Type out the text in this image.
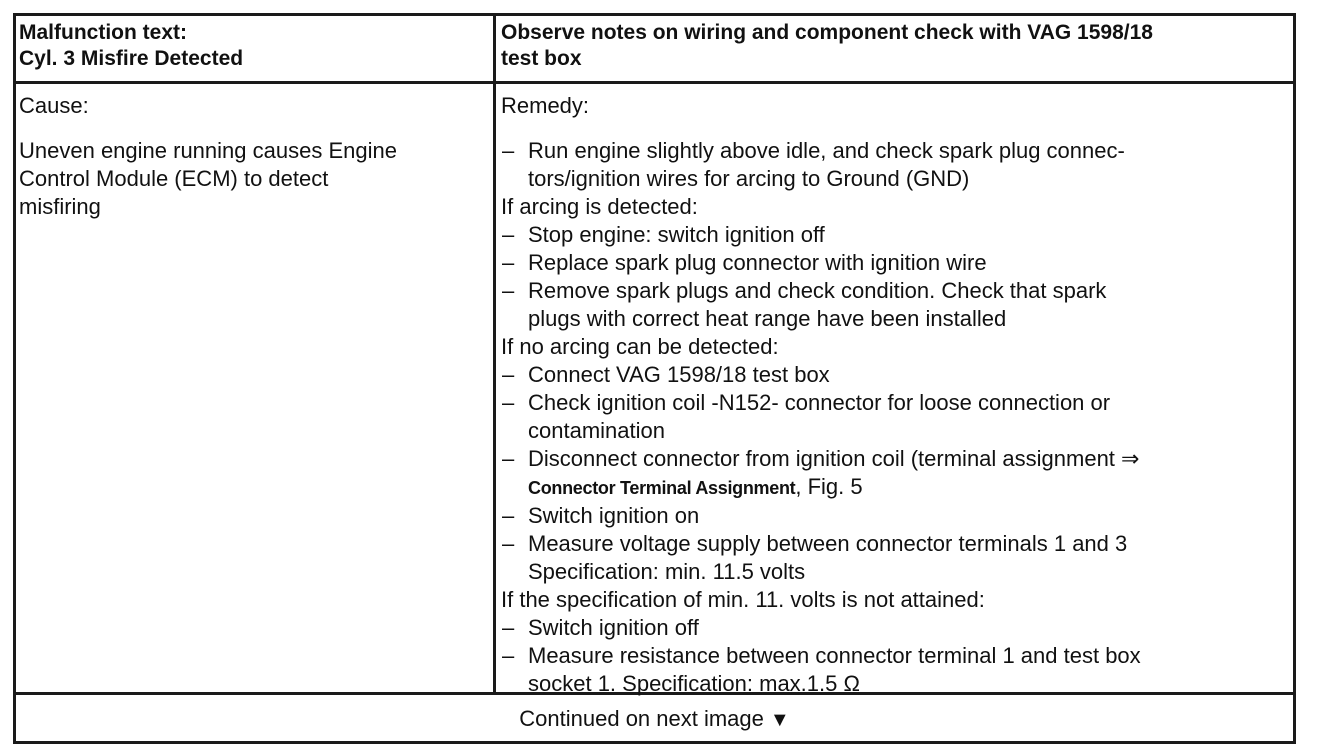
Malfunction text:
Cyl. 3 Misfire Detected
Observe notes on wiring and component check with VAG 1598/18
test box
Cause:
Uneven engine running causes Engine
Control Module (ECM) to detect
misfiring
Remedy:
– Run engine slightly above idle, and check spark plug connec-
tors/ignition wires for arcing to Ground (GND)
If arcing is detected:
– Stop engine: switch ignition off
– Replace spark plug connector with ignition wire
– Remove spark plugs and check condition. Check that spark
plugs with correct heat range have been installed
If no arcing can be detected:
– Connect VAG 1598/18 test box
– Check ignition coil -N152- connector for loose connection or
contamination
– Disconnect connector from ignition coil (terminal assignment ⇒
Connector Terminal Assignment, Fig. 5
– Switch ignition on
– Measure voltage supply between connector terminals 1 and 3
Specification: min. 11.5 volts
If the specification of min. 11. volts is not attained:
– Switch ignition off
– Measure resistance between connector terminal 1 and test box
socket 1. Specification: max.1.5 Ω
Continued on next image ▼
